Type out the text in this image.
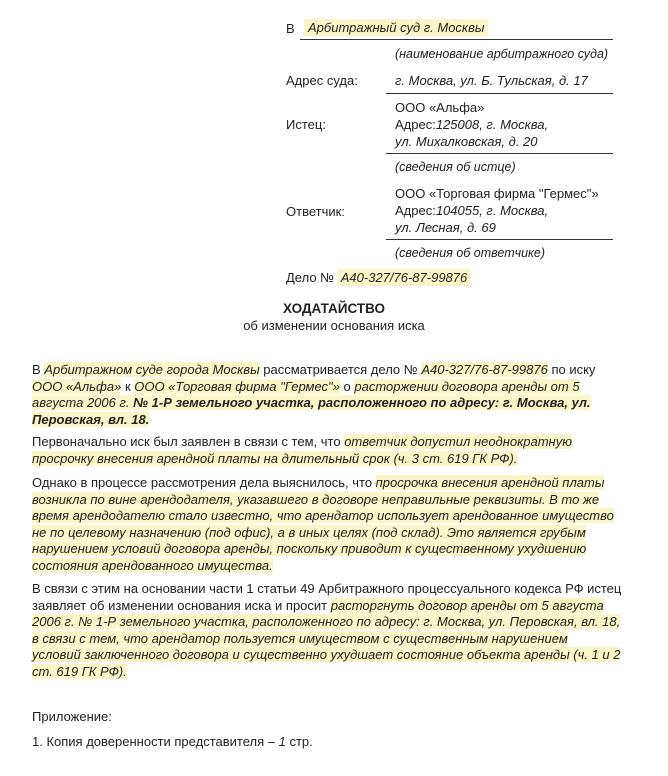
В	Арбитражный суд г. Москвы
(наименование арбитражного суда)
Адрес суда:	г. Москва, ул. Б. Тульская, д. 17
ООО «Альфа»
Истец:	Адрес:125008, г. Москва,
ул. Михалковская, д. 20
(сведения об истце)
ООО «Торговая фирма "Гермес"»
Ответчик:	Адрес:104055, г. Москва,
ул. Лесная, д. 69
(сведения об ответчике)
Дело № А40-327/76-87-99876
ХОДАТАЙСТВО
об изменении основания иска
В Арбитражном суде города Москвы рассматривается дело № А40-327/76-87-99876 по иску
ООО «Альфа» к ООО «Торговая фирма "Гермес"» о расторжении договора аренды от 5
августа 2006 г. № 1-Р земельного участка, расположенного по адресу: г. Москва, ул.
Перовская, вл. 18.
Первоначально иск был заявлен в связи с тем, что ответчик допустил неоднократную
просрочку внесения арендной платы на длительный срок (ч. 3 ст. 619 ГК РФ).
Однако в процессе рассмотрения дела выяснилось, что просрочка внесения арендной платы
возникла по вине арендодателя, указавшего в договоре неправильные реквизиты. В то же
время арендодателю стало известно, что арендатор использует арендованное имущество
не по целевому назначению (под офис), а в иных целях (под склад). Это является грубым
нарушением условий договора аренды, поскольку приводит к существенному ухудшению
состояния арендованного имущества.
В связи с этим на основании части 1 статьи 49 Арбитражного процессуального кодекса РФ истец
заявляет об изменении основания иска и просит расторгнуть договор аренды от 5 августа
2006 г. № 1-Р земельного участка, расположенного по адресу: г. Москва, ул. Перовская, вл. 18,
в связи с тем, что арендатор пользуется имуществом с существенным нарушением
условий заключенного договора и существенно ухудшает состояние объекта аренды (ч. 1 и 2
ст. 619 ГК РФ).
Приложение:
1. Копия доверенности представителя – 1 стр.
